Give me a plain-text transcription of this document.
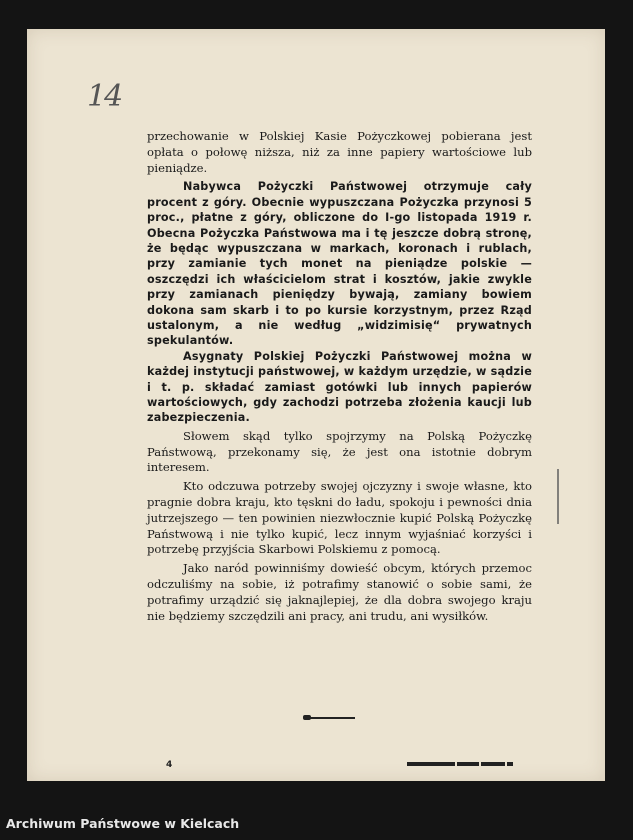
14

przechowanie w Polskiej Kasie Pożyczkowej pobierana jest opłata o połowę niższa, niż za inne papiery wartościowe lub pieniądze.

Nabywca Pożyczki Państwowej otrzymuje cały procent z góry. Obecnie wypuszczana Pożyczka przynosi 5 proc., płatne z góry, obliczone do I-go listopada 1919 r. Obecna Pożyczka Państwowa ma i tę jeszcze dobrą stronę, że będąc wypuszczana w markach, koronach i rublach, przy zamianie tych monet na pieniądze polskie — oszczędzi ich właścicielom strat i kosztów, jakie zwykle przy zamianach pieniędzy bywają, zamiany bowiem dokona sam skarb i to po kursie korzystnym, przez Rząd ustalonym, a nie według „widzimisię“ prywatnych spekulantów.

Asygnaty Polskiej Pożyczki Państwowej można w każdej instytucji państwowej, w każdym urzędzie, w sądzie i t. p. składać zamiast gotówki lub innych papierów wartościowych, gdy zachodzi potrzeba złożenia kaucji lub zabezpieczenia.

Słowem skąd tylko spojrzymy na Polską Pożyczkę Państwową, przekonamy się, że jest ona istotnie dobrym interesem.

Kto odczuwa potrzeby swojej ojczyzny i swoje własne, kto pragnie dobra kraju, kto tęskni do ładu, spokoju i pewności dnia jutrzejszego — ten powinien niezwłocznie kupić Polską Pożyczkę Państwową i nie tylko kupić, lecz innym wyjaśniać korzyści i potrzebę przyjścia Skarbowi Polskiemu z pomocą.

Jako naród powinniśmy dowieść obcym, których przemoc odczuliśmy na sobie, iż potrafimy stanowić o sobie sami, że potrafimy urządzić się jaknajlepiej, że dla dobra swojego kraju nie będziemy szczędzili ani pracy, ani trudu, ani wysiłków.

4
Archiwum Państwowe w Kielcach
